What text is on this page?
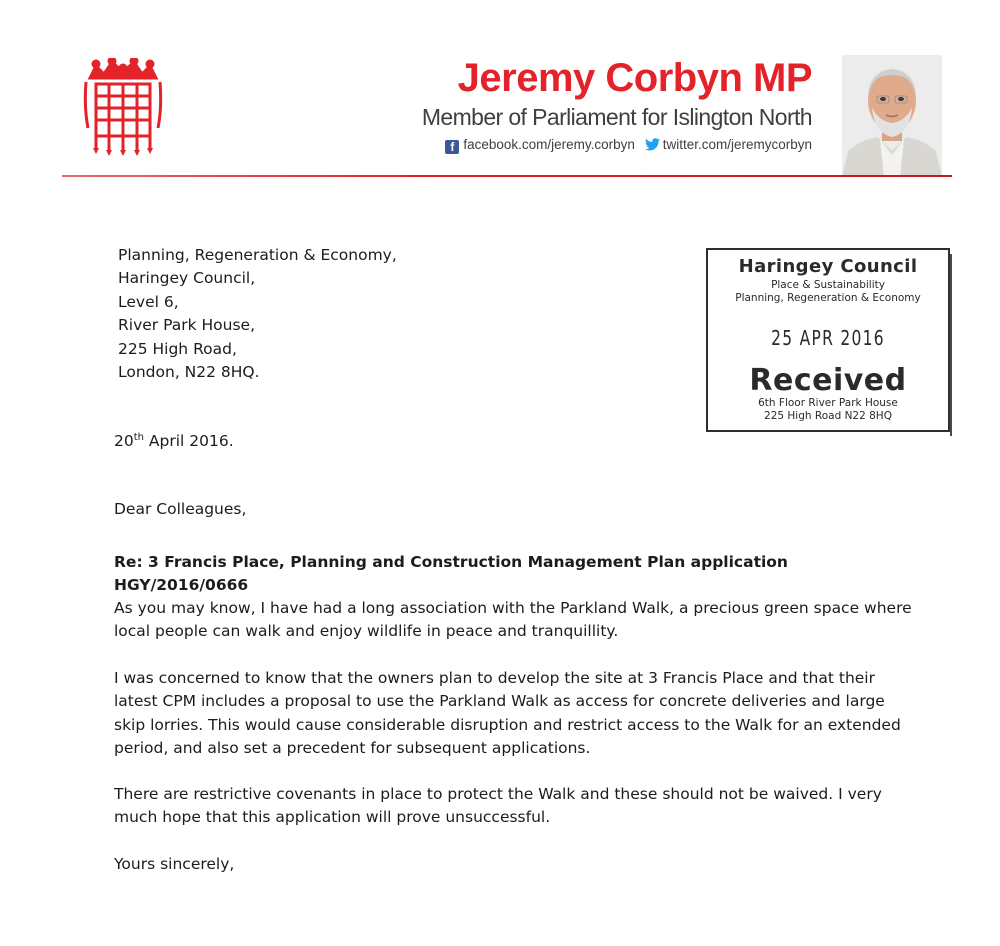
Jeremy Corbyn MP
Member of Parliament for Islington North
f facebook.com/jeremy.corbyn twitter.com/jeremycorbyn
Planning, Regeneration & Economy,
Haringey Council,
Level 6,
River Park House,
225 High Road,
London, N22 8HQ.
Haringey Council
Place & Sustainability
Planning, Regeneration & Economy
25 APR 2016
Received
6th Floor River Park House
225 High Road N22 8HQ

20th April 2016.

Dear Colleagues,

Re: 3 Francis Place, Planning and Construction Management Plan application HGY/2016/0666

As you may know, I have had a long association with the Parkland Walk, a precious green space where local people can walk and enjoy wildlife in peace and tranquillity.

I was concerned to know that the owners plan to develop the site at 3 Francis Place and that their latest CPM includes a proposal to use the Parkland Walk as access for concrete deliveries and large skip lorries. This would cause considerable disruption and restrict access to the Walk for an extended period, and also set a precedent for subsequent applications.

There are restrictive covenants in place to protect the Walk and these should not be waived. I very much hope that this application will prove unsuccessful.

Yours sincerely,
